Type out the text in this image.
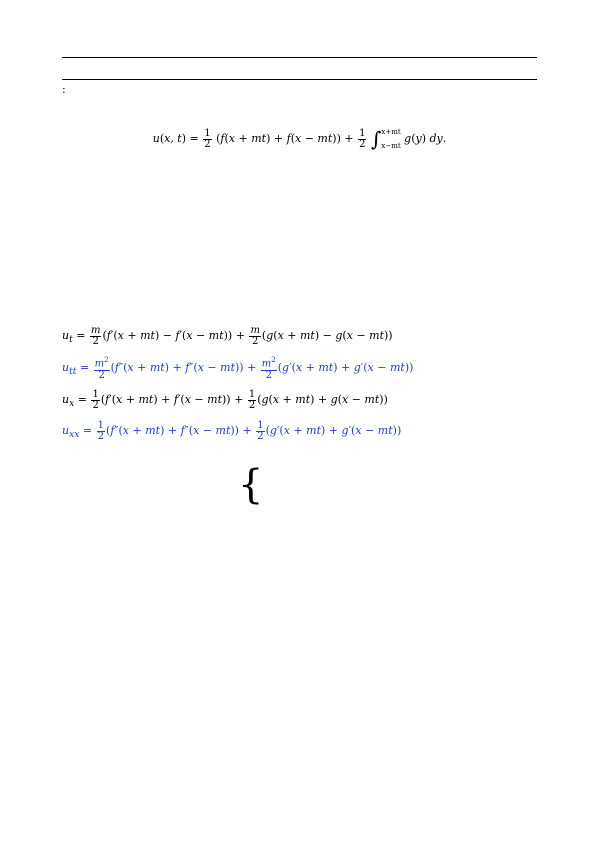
:
u(x, $t) = \frac{1}{2} (f(x + mt) + f(x - mt)) + \frac{1}{2}$ ∫ x+mt
x−mt
g(y) dy.
$u_t = \frac{m}{2} (f'(x + mt) - f'(x - mt)) + \frac{m}{2} (g(x + mt) - g(x - mt))$
$u_{tt} = \frac{m^2}{2} (f''(x + mt) + f''(x - mt)) + \frac{m^2}{2} (g'(x + mt) + g'(x - mt))$
$u_x = \frac{1}{2} (f'(x + mt) + f'(x - mt)) + \frac{1}{2} (g(x + mt) + g(x - mt))$
$u_{xx} = \frac{1}{2} (f''(x + mt) + f''(x - mt)) + \frac{1}{2} (g'(x + mt) + g'(x - mt))$
{
